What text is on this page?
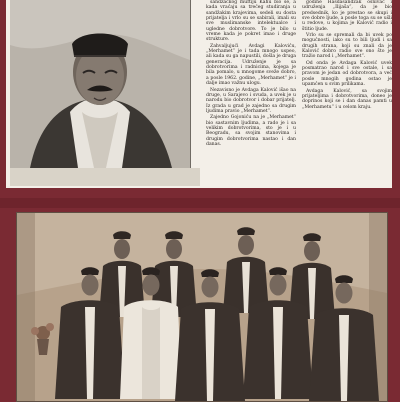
sandžačkog muftiju Kahu bio se, a kada vraćaju sa trećeg studiranja u sandžakim krajevima, sedeli su dosta prijatelja i vrlo su se sabirali, imali su sve muslimanske intelektualce i ugledne dobrotvore. To je bilo u vreme kada je pokret imao i druge strukture.

Zahvaljujući Avdagi Kaloviću, „Merhamet“ je i tada mnogo uspeo, ali kada su ga napustili, došla je druga generacija. Udruženje je sa dobrotvorima i radnicima, kojega je bila pomalo, u mnogome sveže dobro, a posle 1962. godine, „Merhamet“ je i dalje imao važnu ulogu.

Nezavisno je Avdaga Kalović išao na druge, u Sarajevo i svuda, a uvek je u narodu bio dobrotvor i dobar prijatelj. Iz grada u grad je zajedno sa drugim ljudima pravio „Merhamet“.

Zajedno Gojoniću na je „Merhamet“ bio sastavnim ljudima, a rado je i sa velikim dobrotvorima, sto je i u Beogradu, sa svojim stanovima i drugim dobrotvorima nastao i dan danas.

godine Hasdasandžak osnivač i udruženja „Ilijaša“, da je bio predsednik, ko je prestao se skupi i sve dobre ljude, a posle toga su se ušli u redove, u kojima je Kalović radio i štitio ljude.

Vrlo su se spremali da bi uvek po mogućnosti, iako su to bili ljudi i sa drugih strana, koji su znali da je Kalović dobro radio sve ono što je tražio narod i „Merhamet“.

Od onda je Avdaga Kalović uvek posmatrao narod i sve ostale, i sa pravom je jedan od dobrotvora, a već posle mnogih godina ostao je upamćen u svim prilikama.

Avdaga Kalović, sa svojim prijateljima i dobrotvorima, doneo je doprinos koji se i dan danas pamti u „Merhametu“ i u celom kraju.
